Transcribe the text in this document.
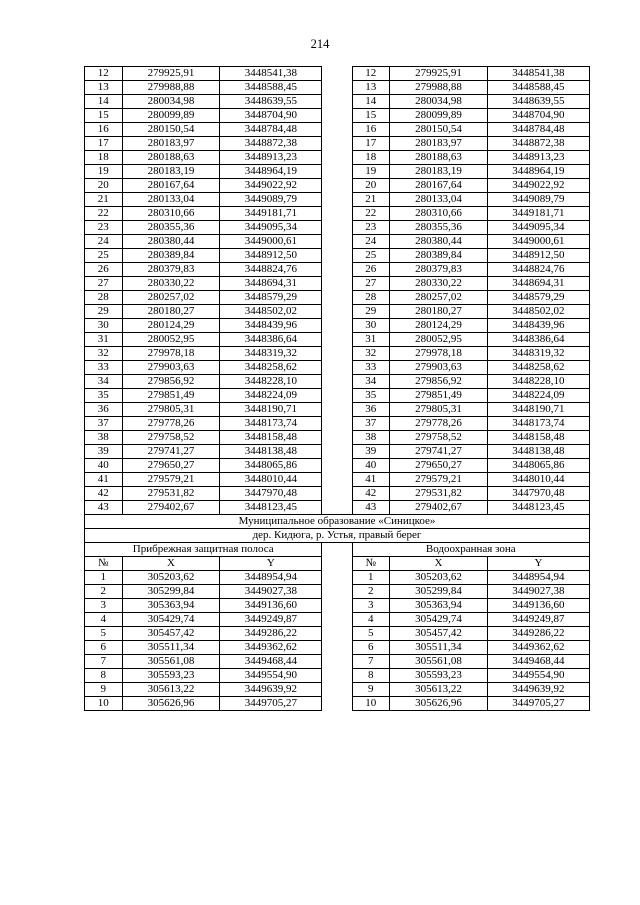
214
12	279925,91	3448541,38		12	279925,91	3448541,38
13	279988,88	3448588,45		13	279988,88	3448588,45
14	280034,98	3448639,55		14	280034,98	3448639,55
15	280099,89	3448704,90		15	280099,89	3448704,90
16	280150,54	3448784,48		16	280150,54	3448784,48
17	280183,97	3448872,38		17	280183,97	3448872,38
18	280188,63	3448913,23		18	280188,63	3448913,23
19	280183,19	3448964,19		19	280183,19	3448964,19
20	280167,64	3449022,92		20	280167,64	3449022,92
21	280133,04	3449089,79		21	280133,04	3449089,79
22	280310,66	3449181,71		22	280310,66	3449181,71
23	280355,36	3449095,34		23	280355,36	3449095,34
24	280380,44	3449000,61		24	280380,44	3449000,61
25	280389,84	3448912,50		25	280389,84	3448912,50
26	280379,83	3448824,76		26	280379,83	3448824,76
27	280330,22	3448694,31		27	280330,22	3448694,31
28	280257,02	3448579,29		28	280257,02	3448579,29
29	280180,27	3448502,02		29	280180,27	3448502,02
30	280124,29	3448439,96		30	280124,29	3448439,96
31	280052,95	3448386,64		31	280052,95	3448386,64
32	279978,18	3448319,32		32	279978,18	3448319,32
33	279903,63	3448258,62		33	279903,63	3448258,62
34	279856,92	3448228,10		34	279856,92	3448228,10
35	279851,49	3448224,09		35	279851,49	3448224,09
36	279805,31	3448190,71		36	279805,31	3448190,71
37	279778,26	3448173,74		37	279778,26	3448173,74
38	279758,52	3448158,48		38	279758,52	3448158,48
39	279741,27	3448138,48		39	279741,27	3448138,48
40	279650,27	3448065,86		40	279650,27	3448065,86
41	279579,21	3448010,44		41	279579,21	3448010,44
42	279531,82	3447970,48		42	279531,82	3447970,48
43	279402,67	3448123,45		43	279402,67	3448123,45
Муниципальное образование «Синицкое»						
дер. Кидюга, р. Устья, правый берег						
Прибрежная защитная полоса				Водоохранная зона		
№	X	Y		№	X	Y
1	305203,62	3448954,94		1	305203,62	3448954,94
2	305299,84	3449027,38		2	305299,84	3449027,38
3	305363,94	3449136,60		3	305363,94	3449136,60
4	305429,74	3449249,87		4	305429,74	3449249,87
5	305457,42	3449286,22		5	305457,42	3449286,22
6	305511,34	3449362,62		6	305511,34	3449362,62
7	305561,08	3449468,44		7	305561,08	3449468,44
8	305593,23	3449554,90		8	305593,23	3449554,90
9	305613,22	3449639,92		9	305613,22	3449639,92
10	305626,96	3449705,27		10	305626,96	3449705,27
